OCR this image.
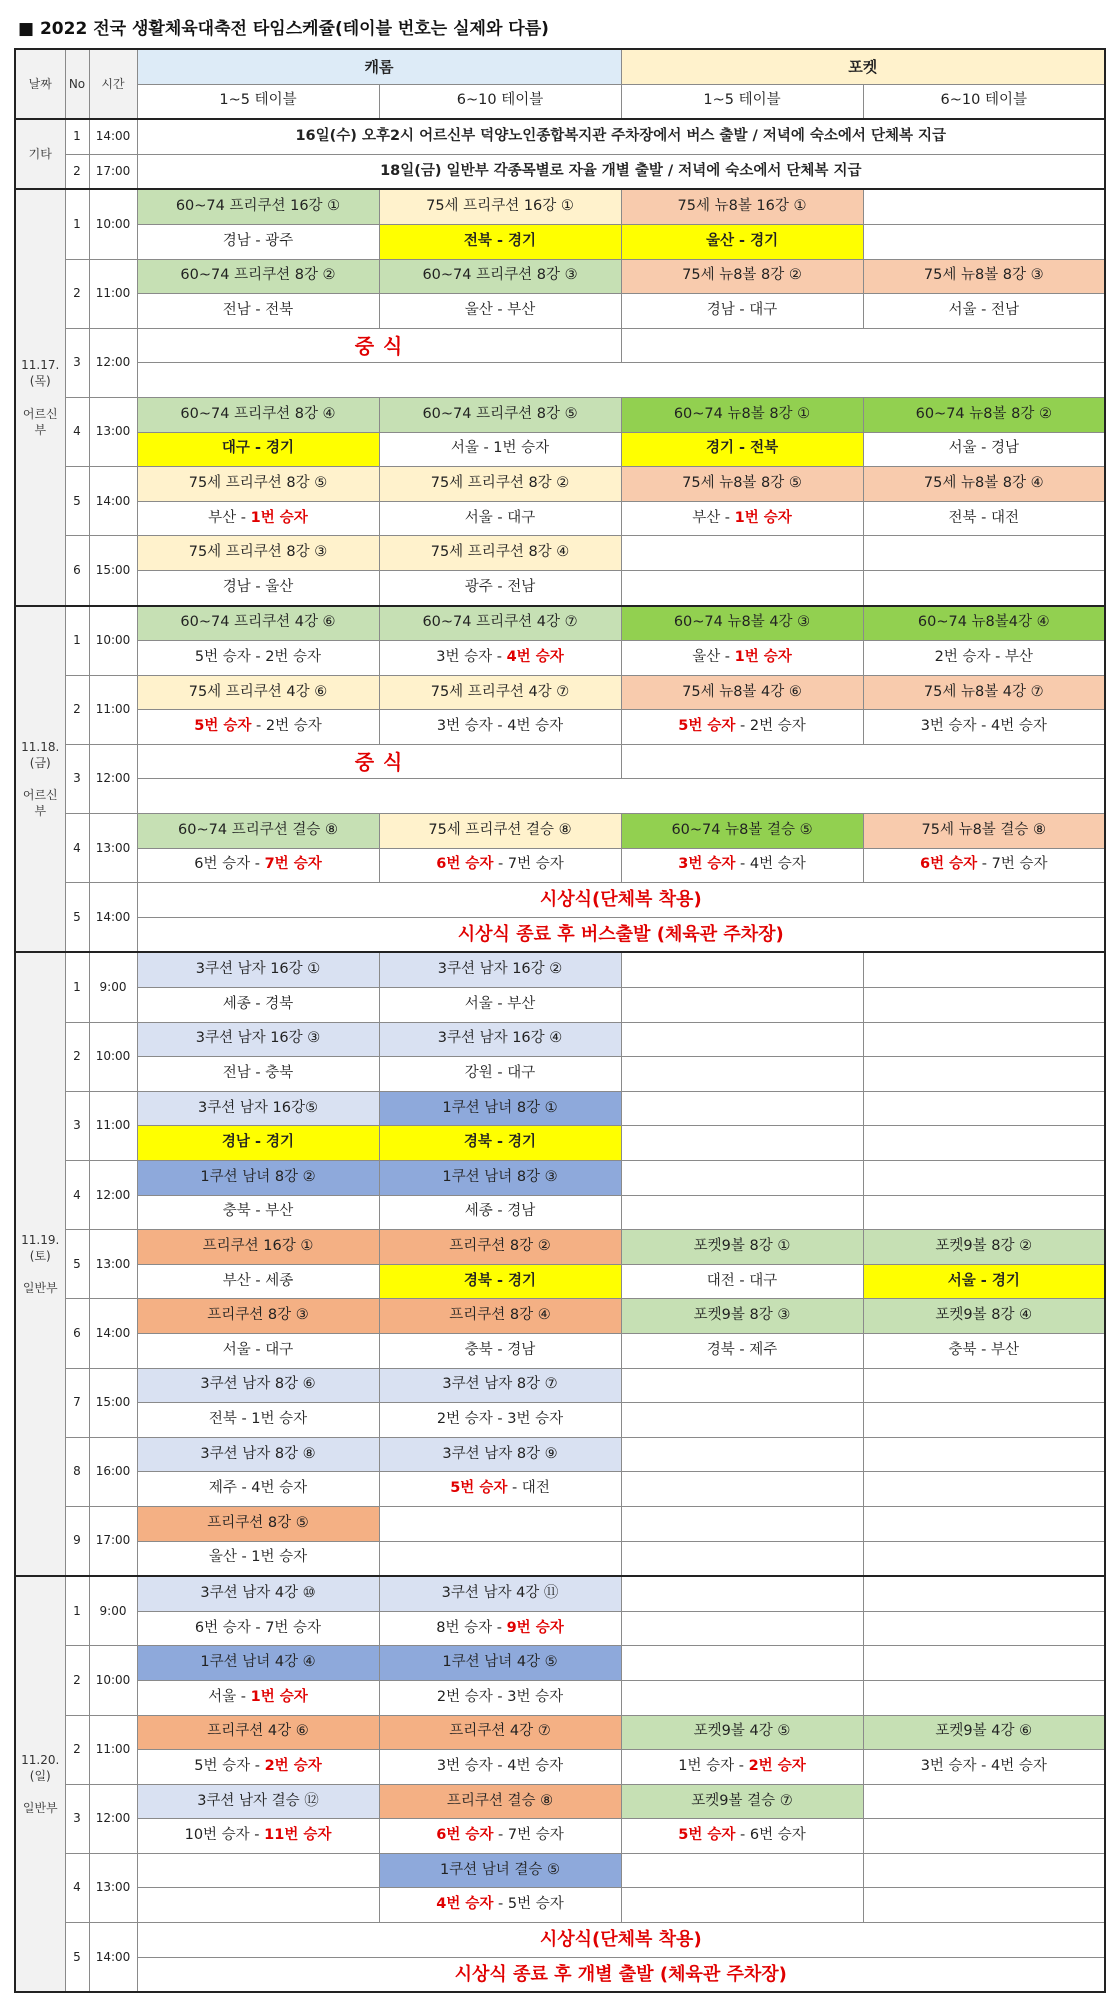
■ 2022 전국 생활체육대축전 타임스케쥴(테이블 번호는 실제와 다름)
날짜	No	시간	캐롬		포켓	
			1~5 테이블	6~10 테이블	1~5 테이블	6~10 테이블
기타	1	14:00	16일(수) 오후2시 어르신부 덕양노인종합복지관 주차장에서 버스 출발 / 저녁에 숙소에서 단체복 지급			
	2	17:00	18일(금) 일반부 각종목별로 자율 개별 출발 / 저녁에 숙소에서 단체복 지급			
11.17.
(목)

어르신
부	1	10:00	60~74 프리쿠션 16강 ①	75세 프리쿠션 16강 ①	75세 뉴8볼 16강 ①	
			경남 - 광주	전북 - 경기	울산 - 경기	
	2	11:00	60~74 프리쿠션 8강 ②	60~74 프리쿠션 8강 ③	75세 뉴8볼 8강 ②	75세 뉴8볼 8강 ③
			전남 - 전북	울산 - 부산	경남 - 대구	서울 - 전남
	3	12:00	중 식			

	4	13:00	60~74 프리쿠션 8강 ④	60~74 프리쿠션 8강 ⑤	60~74 뉴8볼 8강 ①	60~74 뉴8볼 8강 ②
			대구 - 경기	서울 - 1번 승자	경기 - 전북	서울 - 경남
	5	14:00	75세 프리쿠션 8강 ⑤	75세 프리쿠션 8강 ②	75세 뉴8볼 8강 ⑤	75세 뉴8볼 8강 ④
			부산 - 1번 승자	서울 - 대구	부산 - 1번 승자	전북 - 대전
	6	15:00	75세 프리쿠션 8강 ③	75세 프리쿠션 8강 ④		
			경남 - 울산	광주 - 전남		
11.18.
(금)

어르신
부	1	10:00	60~74 프리쿠션 4강 ⑥	60~74 프리쿠션 4강 ⑦	60~74 뉴8볼 4강 ③	60~74 뉴8볼4강 ④
			5번 승자 - 2번 승자	3번 승자 - 4번 승자	울산 - 1번 승자	2번 승자 - 부산
	2	11:00	75세 프리쿠션 4강 ⑥	75세 프리쿠션 4강 ⑦	75세 뉴8볼 4강 ⑥	75세 뉴8볼 4강 ⑦
			5번 승자 - 2번 승자	3번 승자 - 4번 승자	5번 승자 - 2번 승자	3번 승자 - 4번 승자
	3	12:00	중 식			

	4	13:00	60~74 프리쿠션 결승 ⑧	75세 프리쿠션 결승 ⑧	60~74 뉴8볼 결승 ⑤	75세 뉴8볼 결승 ⑧
			6번 승자 - 7번 승자	6번 승자 - 7번 승자	3번 승자 - 4번 승자	6번 승자 - 7번 승자
	5	14:00	시상식(단체복 착용)			
			시상식 종료 후 버스출발 (체육관 주차장)			
11.19.
(토)

일반부	1	9:00	3쿠션 남자 16강 ①	3쿠션 남자 16강 ②		
			세종 - 경북	서울 - 부산		
	2	10:00	3쿠션 남자 16강 ③	3쿠션 남자 16강 ④		
			전남 - 충북	강원 - 대구		
	3	11:00	3쿠션 남자 16강⑤	1쿠션 남녀 8강 ①		
			경남 - 경기	경북 - 경기		
	4	12:00	1쿠션 남녀 8강 ②	1쿠션 남녀 8강 ③		
			충북 - 부산	세종 - 경남		
	5	13:00	프리쿠션 16강 ①	프리쿠션 8강 ②	포켓9볼 8강 ①	포켓9볼 8강 ②
			부산 - 세종	경북 - 경기	대전 - 대구	서울 - 경기
	6	14:00	프리쿠션 8강 ③	프리쿠션 8강 ④	포켓9볼 8강 ③	포켓9볼 8강 ④
			서울 - 대구	충북 - 경남	경북 - 제주	충북 - 부산
	7	15:00	3쿠션 남자 8강 ⑥	3쿠션 남자 8강 ⑦		
			전북 - 1번 승자	2번 승자 - 3번 승자		
	8	16:00	3쿠션 남자 8강 ⑧	3쿠션 남자 8강 ⑨		
			제주 - 4번 승자	5번 승자 - 대전		
	9	17:00	프리쿠션 8강 ⑤			
			울산 - 1번 승자			
11.20.
(일)

일반부	1	9:00	3쿠션 남자 4강 ⑩	3쿠션 남자 4강 ⑪		
			6번 승자 - 7번 승자	8번 승자 - 9번 승자		
	2	10:00	1쿠션 남녀 4강 ④	1쿠션 남녀 4강 ⑤		
			서울 - 1번 승자	2번 승자 - 3번 승자		
	2	11:00	프리쿠션 4강 ⑥	프리쿠션 4강 ⑦	포켓9볼 4강 ⑤	포켓9볼 4강 ⑥
			5번 승자 - 2번 승자	3번 승자 - 4번 승자	1번 승자 - 2번 승자	3번 승자 - 4번 승자
	3	12:00	3쿠션 남자 결승 ⑫	프리쿠션 결승 ⑧	포켓9볼 결승 ⑦	
			10번 승자 - 11번 승자	6번 승자 - 7번 승자	5번 승자 - 6번 승자	
	4	13:00		1쿠션 남녀 결승 ⑤		
				4번 승자 - 5번 승자		
	5	14:00	시상식(단체복 착용)			
			시상식 종료 후 개별 출발 (체육관 주차장)			
